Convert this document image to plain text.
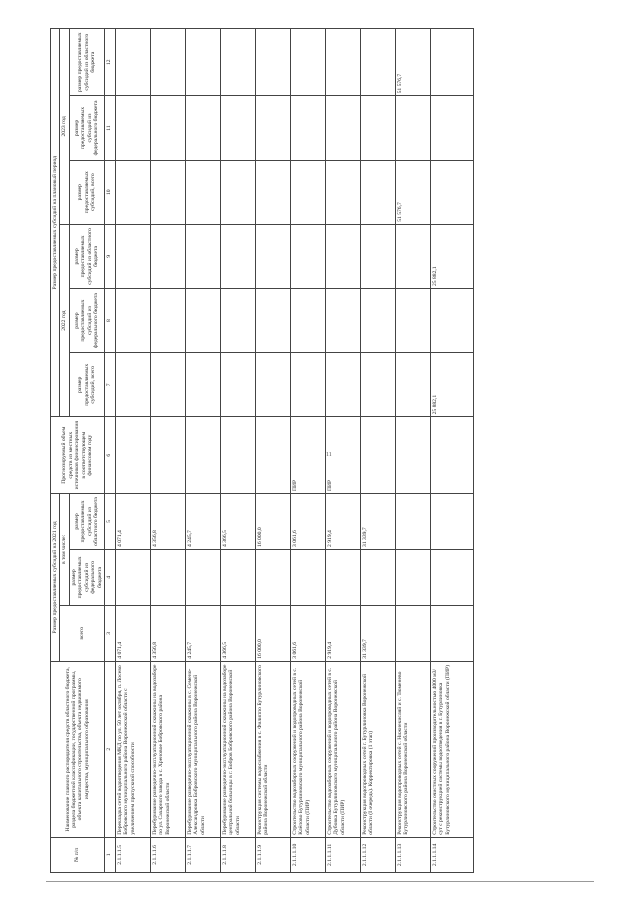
11
№ п/п	Наименование главного распорядителя средств областного бюджета, раздела бюджетной классификации, государственной программы, объекта капитального строительства, объекта недвижимого имущества, муниципального образования	Размер предоставляемых субсидий на 2021 год			Прогнозируемый объем средств из местных источников финансирования в соответствующем финансовом году	Размер предоставляемых субсидий на плановый период					
		всего	в том числе:			2022 год			2023 год		
			размер предоставляемых субсидий из федерального бюджета	размер предоставляемых субсидий из областного бюджета		размер предоставляемых субсидий, всего	размер предоставляемых субсидий из федерального бюджета	размер предоставляемых субсидий из областного бюджета	размер предоставляемых субсидий, всего	размер предоставляемых субсидий из федерального бюджета	размер предоставляемых субсидий из областного бюджета

1	2	3	4	5	6	7	8	9	10	11	12
2.1.1.1.5	Перекладка сетей водоотведения МКД по ул. 50 лет октября, п. Лосево Бобровского муниципального района Воронежской области с увеличением пропускной способности	4 071,4		4 071,4							
2.1.1.1.6	Перебуривание разведочно-эксплуатационной скважины на водозаборе по ул. Сахарного завода в с. Хреновое Бобровского района Воронежской области	4 356,8		4 356,8							
2.1.1.1.7	Перебуривание разведочно-эксплуатационной скважины в с. Семено-Александровка Бобровского муниципального района Воронежской области	4 245,7		4 245,7							
2.1.1.1.8	Перебуривание разведочно-эксплуатационной скважины на водозаборе центральной больницы в г. Бобров Бобровского района Воронежской области	4 366,5		4 366,5							
2.1.1.1.9	Реконструкция системы водоснабжения в с. Филиппо Бутурлиновского района Воронежской области	16 000,0		16 000,0							
2.1.1.1.10	Строительство водозаборных сооружений и водопроводных сетей в с. Клёпово Бутурлиновского муниципального района Воронежской области (ПИР)	3 061,6		3 061,6	ПИР						
2.1.1.1.11	Строительство водозаборных сооружений и водопроводных сетей в с. Дубовка Бутурлиновского муниципального района Воронежской области (ПИР)	2 919,4		2 919,4	ПИР						
2.1.1.1.12	Реконструкция водопроводных сетей г. Бутурлиновка Воронежской области (I очередь). Корректировка (1 этап)	31 339,7		31 339,7							
2.1.1.1.13	Реконструкция водопроводных сетей с. Нижнекисляй и с. Тюменево Бутурлиновского района Воронежской области								51 576,7		51 576,7
2.1.1.1.14	Строительство очистных сооружений производительностью 4000 м3/сут с реконструкцией системы водоотведения в г. Бутурлиновка Бутурлиновского муниципального района Воронежской области (ПИР)					25 882,1		25 882,1			
